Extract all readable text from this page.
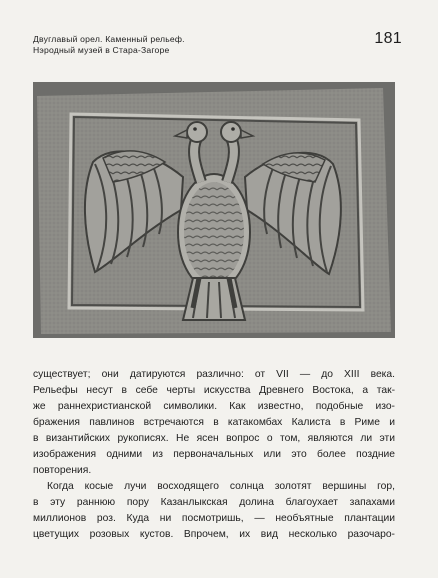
Двуглавый орел. Каменный рельеф.
Нэродный музей в Стара-Загоре
181
существует; они датируются различно: от VII — до XIII века.
Рельефы несут в себе черты искусства Древнего Востока, а так-
же раннехристианской символики. Как известно, подобные изо-
бражения павлинов встречаются в катакомбах Калиста в Риме и
в византийских рукописях. Не ясен вопрос о том, являются ли эти
изображения одними из первоначальных или это более поздние
повторения.
Когда косые лучи восходящего солнца золотят вершины гор,
в эту раннюю пору Казанлыкская долина благоухает запахами
миллионов роз. Куда ни посмотришь, — необъятные плантации
цветущих розовых кустов. Впрочем, их вид несколько разочаро-
